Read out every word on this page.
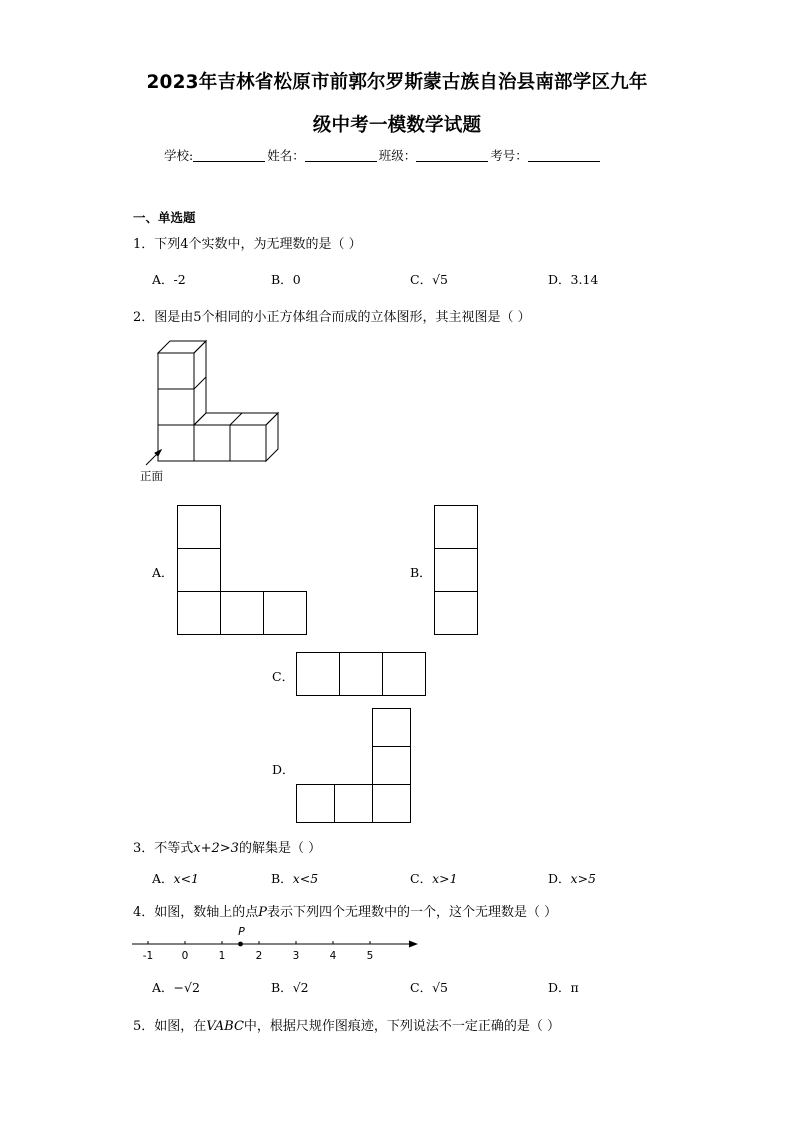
2023年吉林省松原市前郭尔罗斯蒙古族自治县南部学区九年
级中考一模数学试题
学校:	姓名：	班级：	考号：
一、单选题
1．下列4个实数中，为无理数的是（ ）
A．-2	B．0	C．√5	D．3.14
2．图是由5个相同的小正方体组合而成的立体图形，其主视图是（ ）
正面
A．	B．
C．
D．
3．不等式x+2>3的解集是（ ）
A．x<1	B．x<5	C．x>1	D．x>5
4．如图，数轴上的点P表示下列四个无理数中的一个，这个无理数是（ ）
-1	0	1	2	3	4	5
P
A．−√2	B．√2	C．√5	D．π
5．如图，在VABC中，根据尺规作图痕迹，下列说法不一定正确的是（ ）
